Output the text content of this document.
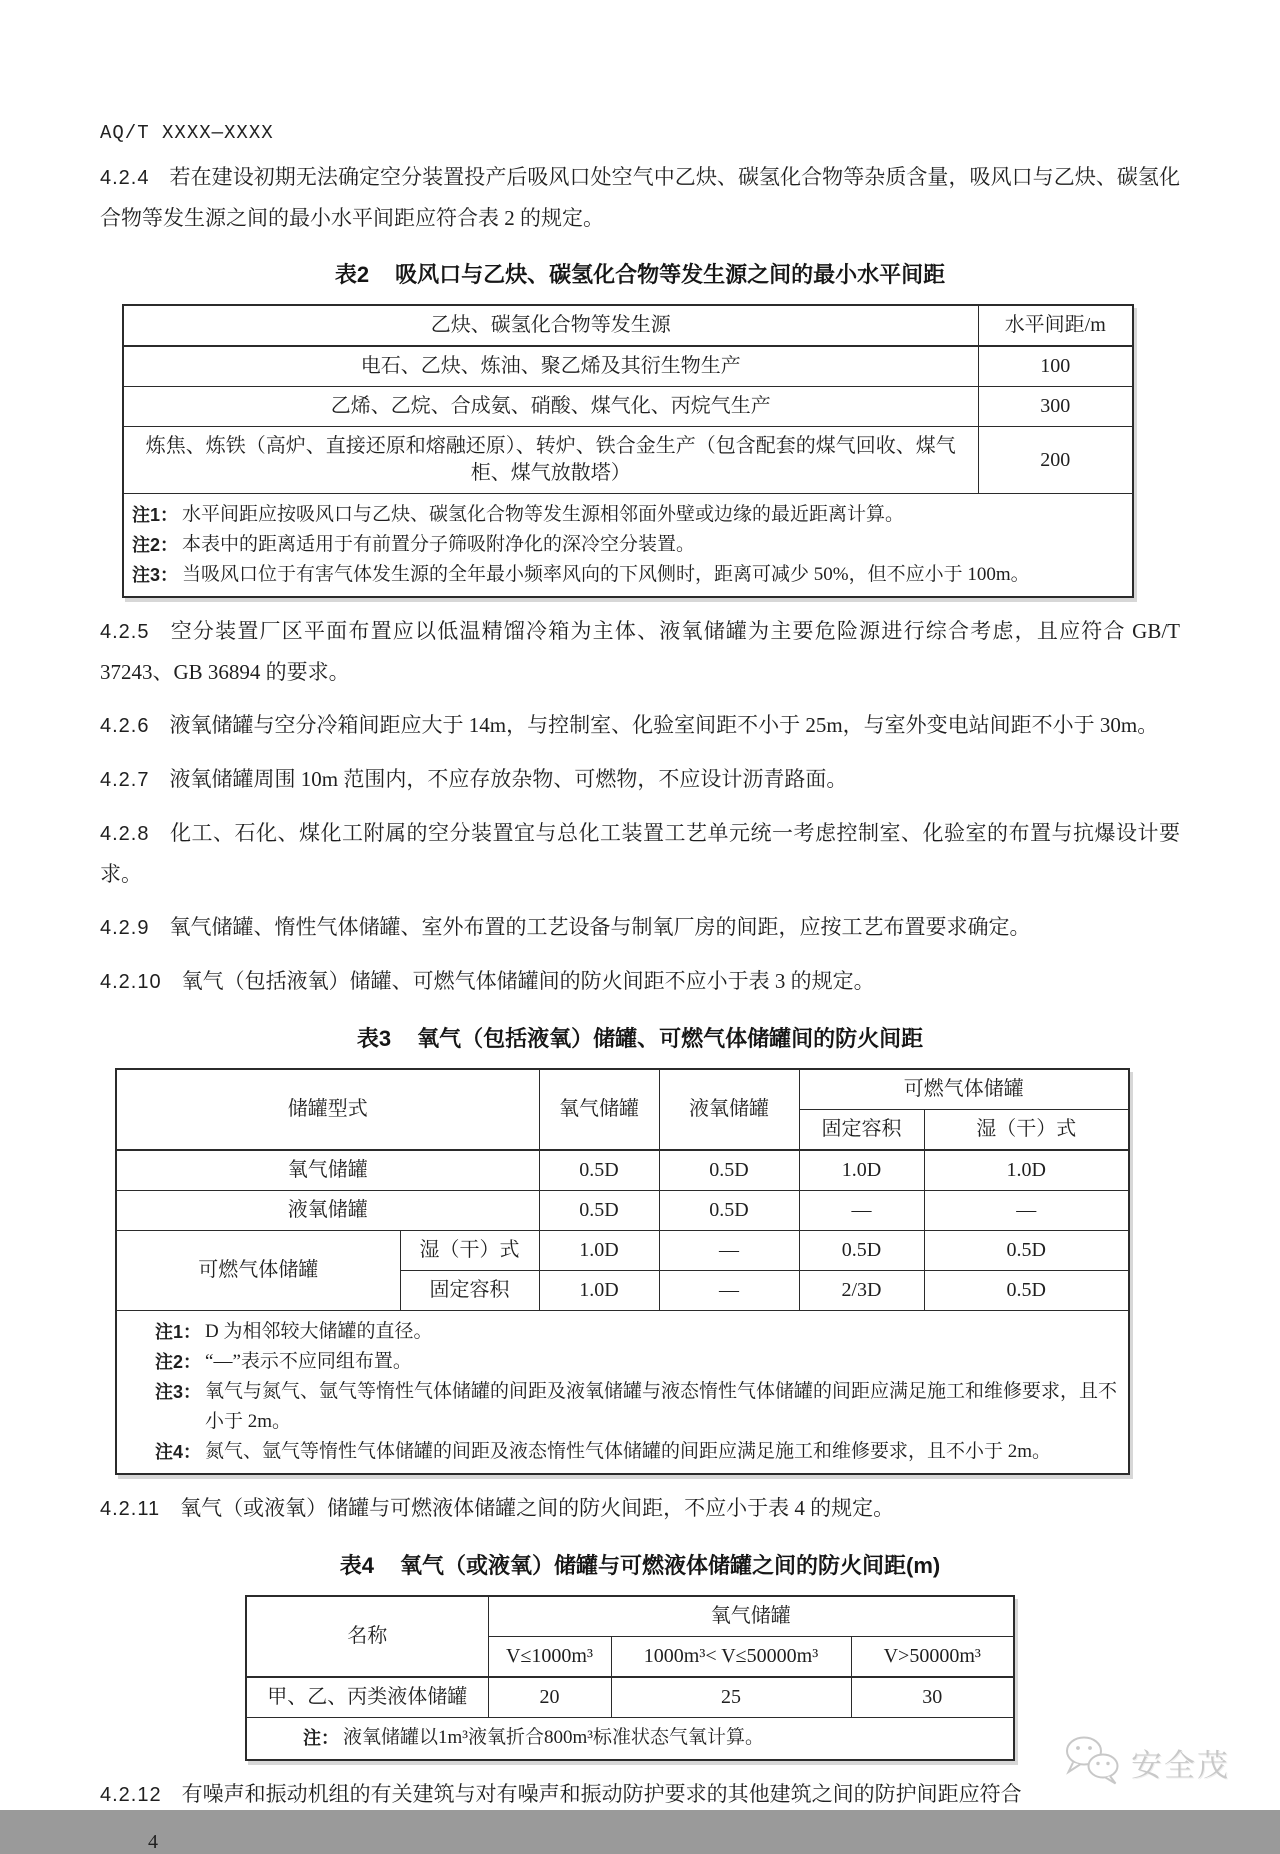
AQ/T XXXX—XXXX

4.2.4 若在建设初期无法确定空分装置投产后吸风口处空气中乙炔、碳氢化合物等杂质含量，吸风口与乙炔、碳氢化合物等发生源之间的最小水平间距应符合表 2 的规定。

表2 吸风口与乙炔、碳氢化合物等发生源之间的最小水平间距
乙炔、碳氢化合物等发生源	水平间距/m
电石、乙炔、炼油、聚乙烯及其衍生物生产	100
乙烯、乙烷、合成氨、硝酸、煤气化、丙烷气生产	300
炼焦、炼铁（高炉、直接还原和熔融还原）、转炉、铁合金生产（包含配套的煤气回收、煤气柜、煤气放散塔）	200

注1： 水平间距应按吸风口与乙炔、碳氢化合物等发生源相邻面外壁或边缘的最近距离计算。
注2： 本表中的距离适用于有前置分子筛吸附净化的深冷空分装置。
注3： 当吸风口位于有害气体发生源的全年最小频率风向的下风侧时，距离可减少 50%，但不应小于 100m。

4.2.5 空分装置厂区平面布置应以低温精馏冷箱为主体、液氧储罐为主要危险源进行综合考虑，且应符合 GB/T 37243、GB 36894 的要求。

4.2.6 液氧储罐与空分冷箱间距应大于 14m，与控制室、化验室间距不小于 25m，与室外变电站间距不小于 30m。

4.2.7 液氧储罐周围 10m 范围内，不应存放杂物、可燃物，不应设计沥青路面。

4.2.8 化工、石化、煤化工附属的空分装置宜与总化工装置工艺单元统一考虑控制室、化验室的布置与抗爆设计要求。

4.2.9 氧气储罐、惰性气体储罐、室外布置的工艺设备与制氧厂房的间距，应按工艺布置要求确定。

4.2.10 氧气（包括液氧）储罐、可燃气体储罐间的防火间距不应小于表 3 的规定。

表3 氧气（包括液氧）储罐、可燃气体储罐间的防火间距
储罐型式		氧气储罐	液氧储罐	可燃气体储罐	
				固定容积	湿（干）式
氧气储罐		0.5D	0.5D	1.0D	1.0D
液氧储罐		0.5D	0.5D	—	—
可燃气体储罐	湿（干）式	1.0D	—	0.5D	0.5D
	固定容积	1.0D	—	2/3D	0.5D

注1： D 为相邻较大储罐的直径。
注2： “—”表示不应同组布置。
注3： 氧气与氮气、氩气等惰性气体储罐的间距及液氧储罐与液态惰性气体储罐的间距应满足施工和维修要求，且不小于 2m。
注4： 氮气、氩气等惰性气体储罐的间距及液态惰性气体储罐的间距应满足施工和维修要求，且不小于 2m。

4.2.11 氧气（或液氧）储罐与可燃液体储罐之间的防火间距，不应小于表 4 的规定。

表4 氧气（或液氧）储罐与可燃液体储罐之间的防火间距(m)
名称	氧气储罐		
	V≤1000m³	1000m³< V≤50000m³	V>50000m³
甲、乙、丙类液体储罐	20	25	30

注： 液氧储罐以1m³液氧折合800m³标准状态气氧计算。			

4.2.12 有噪声和振动机组的有关建筑与对有噪声和振动防护要求的其他建筑之间的防护间距应符合

4
安全茂
